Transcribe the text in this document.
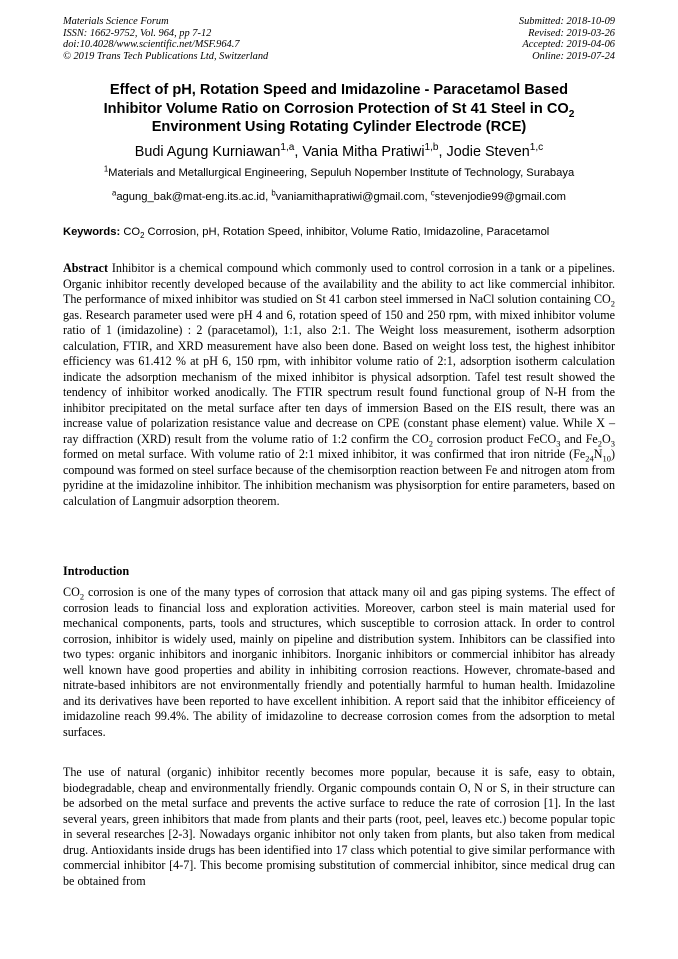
Materials Science Forum
ISSN: 1662-9752, Vol. 964, pp 7-12
doi:10.4028/www.scientific.net/MSF.964.7
© 2019 Trans Tech Publications Ltd, Switzerland
Submitted: 2018-10-09
Revised: 2019-03-26
Accepted: 2019-04-06
Online: 2019-07-24
Effect of pH, Rotation Speed and Imidazoline - Paracetamol Based
Inhibitor Volume Ratio on Corrosion Protection of St 41 Steel in $CO_2$
Environment Using Rotating Cylinder Electrode (RCE)
Budi Agung Kurniawan$^{1,a}$, Vania Mitha Pratiwi$^{1,b}$, Jodie Steven$^{1,c}$
$^1$Materials and Metallurgical Engineering, Sepuluh Nopember Institute of Technology, Surabaya
$^a$agung_bak@mat-eng.its.ac.id, $^b$vaniamithapratiwi@gmail.com, $^c$stevenjodie99@gmail.com
Keywords: $CO_2$ Corrosion, pH, Rotation Speed, inhibitor, Volume Ratio, Imidazoline, Paracetamol
Abstract Inhibitor is a chemical compound which commonly used to control corrosion in a tank or a pipelines. Organic inhibitor recently developed because of the availability and the ability to act like commercial inhibitor. The performance of mixed inhibitor was studied on St 41 carbon steel immersed in NaCl solution containing $CO_2$ gas. Research parameter used were pH 4 and 6, rotation speed of 150 and 250 rpm, with mixed inhibitor volume ratio of 1 (imidazoline) : 2 (paracetamol), 1:1, also 2:1. The Weight loss measurement, isotherm adsorption calculation, FTIR, and XRD measurement have also been done. Based on weight loss test, the highest inhibitor efficiency was 61.412 % at pH 6, 150 rpm, with inhibitor volume ratio of 2:1, adsorption isotherm calculation indicate the adsorption mechanism of the mixed inhibitor is physical adsorption. Tafel test result showed the tendency of inhibitor worked anodically. The FTIR spectrum result found functional group of N-H from the inhibitor precipitated on the metal surface after ten days of immersion Based on the EIS result, there was an increase value of polarization resistance value and decrease on CPE (constant phase element) value. While X – ray diffraction (XRD) result from the volume ratio of 1:2 confirm the $CO_2$ corrosion product FeCO$_3$ and $Fe_2O_3$ formed on metal surface. With volume ratio of 2:1 mixed inhibitor, it was confirmed that iron nitride $(Fe_{24}N_{10})$ compound was formed on steel surface because of the chemisorption reaction between Fe and nitrogen atom from pyridine at the imidazoline inhibitor. The inhibition mechanism was physisorption for entire parameters, based on calculation of Langmuir adsorption theorem.
Introduction
$CO_2$ corrosion is one of the many types of corrosion that attack many oil and gas piping systems. The effect of corrosion leads to financial loss and exploration activities. Moreover, carbon steel is main material used for mechanical components, parts, tools and structures, which susceptible to corrosion attack. In order to control corrosion, inhibitor is widely used, mainly on pipeline and distribution system. Inhibitors can be classified into two types: organic inhibitors and inorganic inhibitors. Inorganic inhibitors or commercial inhibitor has already well known have good properties and ability in inhibiting corrosion reactions. However, chromate-based and nitrate-based inhibitors are not environmentally friendly and potentially harmful to human health. Imidazoline and its derivatives have been reported to have excellent inhibition. A report said that the inhibitor efficeiency of imidazoline reach 99.4%. The ability of imidazoline to decrease corrosion comes from the adsorption to metal surfaces.
The use of natural (organic) inhibitor recently becomes more popular, because it is safe, easy to obtain, biodegradable, cheap and environmentally friendly. Organic compounds contain O, N or S, in their structure can be adsorbed on the metal surface and prevents the active surface to reduce the rate of corrosion [1]. In the last several years, green inhibitors that made from plants and their parts (root, peel, leaves etc.) become popular topic in several researches [2-3]. Nowadays organic inhibitor not only taken from plants, but also taken from medical drug. Antioxidants inside drugs has been identified into 17 class which potential to give similar performance with commercial inhibitor [4-7]. This become promising substitution of commercial inhibitor, since medical drug can be obtained from
